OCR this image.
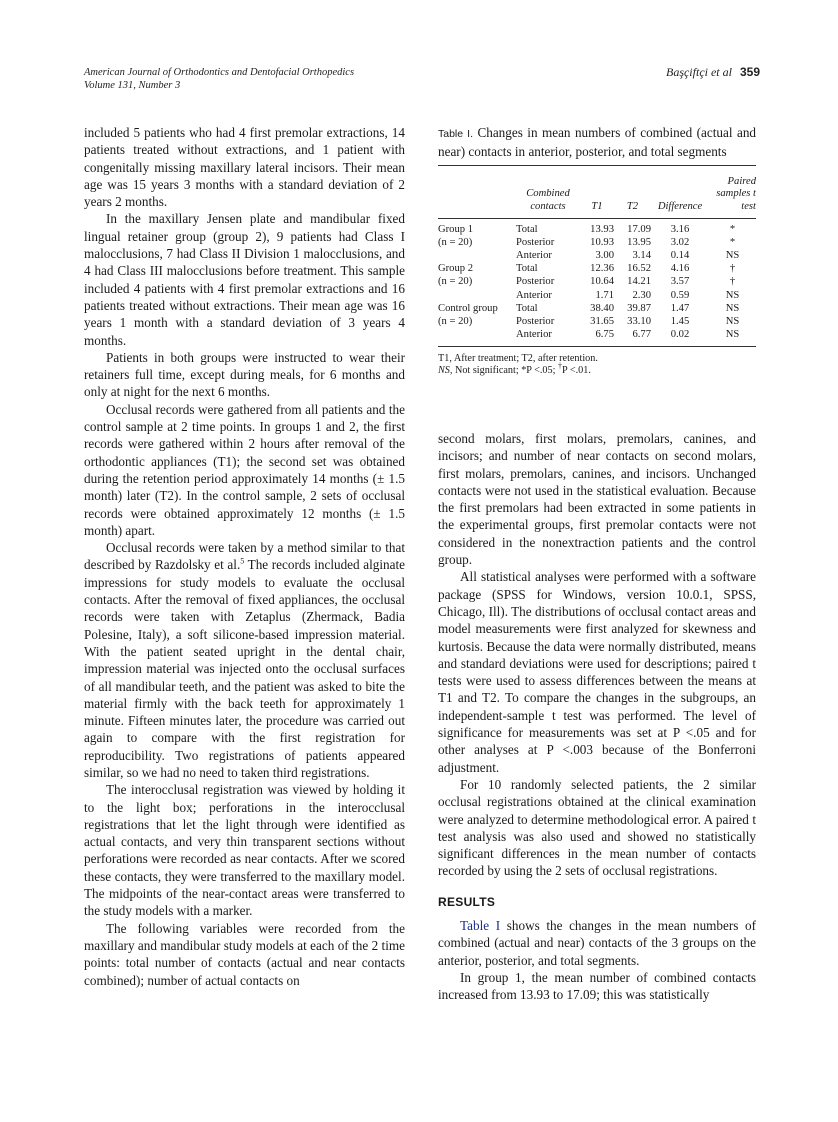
American Journal of Orthodontics and Dentofacial Orthopedics
Volume 131, Number 3
Başçiftçi et al 359

included 5 patients who had 4 first premolar extractions, 14 patients treated without extractions, and 1 patient with congenitally missing maxillary lateral incisors. Their mean age was 15 years 3 months with a standard deviation of 2 years 2 months.

In the maxillary Jensen plate and mandibular fixed lingual retainer group (group 2), 9 patients had Class I malocclusions, 7 had Class II Division 1 malocclusions, and 4 had Class III malocclusions before treatment. This sample included 4 patients with 4 first premolar extractions and 16 patients treated without extractions. Their mean age was 16 years 1 month with a standard deviation of 3 years 4 months.

Patients in both groups were instructed to wear their retainers full time, except during meals, for 6 months and only at night for the next 6 months.

Occlusal records were gathered from all patients and the control sample at 2 time points. In groups 1 and 2, the first records were gathered within 2 hours after removal of the orthodontic appliances (T1); the second set was obtained during the retention period approximately 14 months (± 1.5 month) later (T2). In the control sample, 2 sets of occlusal records were obtained approximately 12 months (± 1.5 month) apart.

Occlusal records were taken by a method similar to that described by Razdolsky et al.$^5$ The records included alginate impressions for study models to evaluate the occlusal contacts. After the removal of fixed appliances, the occlusal records were taken with Zetaplus (Zhermack, Badia Polesine, Italy), a soft silicone-based impression material. With the patient seated upright in the dental chair, impression material was injected onto the occlusal surfaces of all mandibular teeth, and the patient was asked to bite the material firmly with the back teeth for approximately 1 minute. Fifteen minutes later, the procedure was carried out again to compare with the first registration for reproducibility. Two registrations of patients appeared similar, so we had no need to taken third registrations.

The interocclusal registration was viewed by holding it to the light box; perforations in the interocclusal registrations that let the light through were identified as actual contacts, and very thin transparent sections without perforations were recorded as near contacts. After we scored these contacts, they were transferred to the maxillary model. The midpoints of the near-contact areas were transferred to the study models with a marker.

The following variables were recorded from the maxillary and mandibular study models at each of the 2 time points: total number of contacts (actual and near contacts combined); number of actual contacts on

Table I. Changes in mean numbers of combined (actual and near) contacts in anterior, posterior, and total segments
	Combined contacts	T1	T2	Difference	Paired samples t test
Group 1	Total	13.93	17.09	3.16	*
(n = 20)	Posterior	10.93	13.95	3.02	*
	Anterior	3.00	3.14	0.14	NS
Group 2	Total	12.36	16.52	4.16	†
(n = 20)	Posterior	10.64	14.21	3.57	†
	Anterior	1.71	2.30	0.59	NS
Control group	Total	38.40	39.87	1.47	NS
(n = 20)	Posterior	31.65	33.10	1.45	NS
	Anterior	6.75	6.77	0.02	NS
T1, After treatment; T2, after retention.
NS, Not significant; *P <.05; †P <.01.

second molars, first molars, premolars, canines, and incisors; and number of near contacts on second molars, first molars, premolars, canines, and incisors. Unchanged contacts were not used in the statistical evaluation. Because the first premolars had been extracted in some patients in the experimental groups, first premolar contacts were not considered in the nonextraction patients and the control group.

All statistical analyses were performed with a software package (SPSS for Windows, version 10.0.1, SPSS, Chicago, Ill). The distributions of occlusal contact areas and model measurements were first analyzed for skewness and kurtosis. Because the data were normally distributed, means and standard deviations were used for descriptions; paired t tests were used to assess differences between the means at T1 and T2. To compare the changes in the subgroups, an independent-sample t test was performed. The level of significance for measurements was set at P <.05 and for other analyses at P <.003 because of the Bonferroni adjustment.

For 10 randomly selected patients, the 2 similar occlusal registrations obtained at the clinical examination were analyzed to determine methodological error. A paired t test analysis was also used and showed no statistically significant differences in the mean number of contacts recorded by using the 2 sets of occlusal registrations.

RESULTS

Table I shows the changes in the mean numbers of combined (actual and near) contacts of the 3 groups on the anterior, posterior, and total segments.

In group 1, the mean number of combined contacts increased from 13.93 to 17.09; this was statistically
